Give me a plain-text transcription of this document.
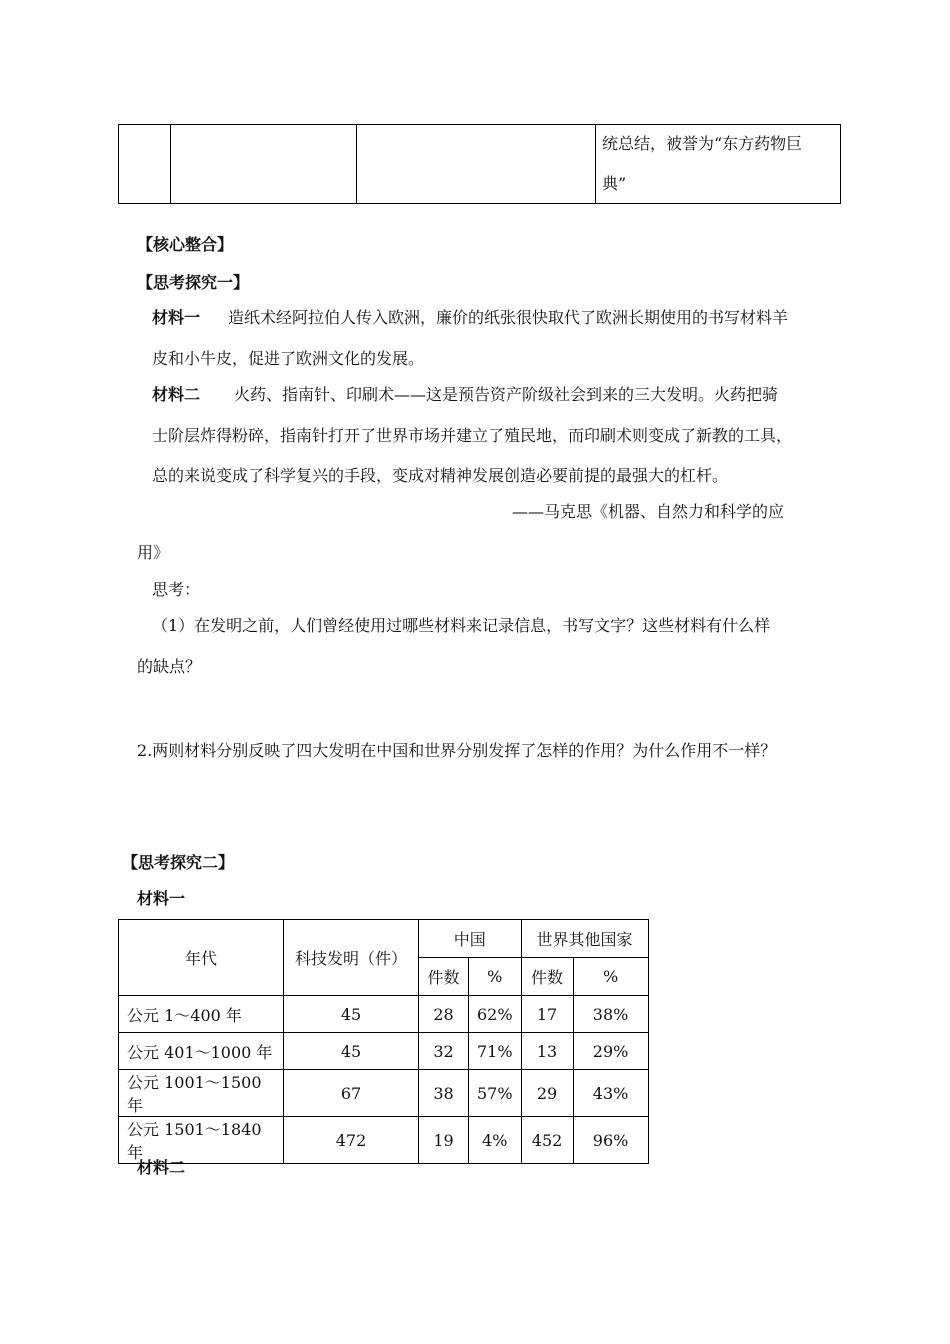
统总结，被誉为“东方药物巨
典”
【核心整合】
【思考探究一】
材料一 造纸术经阿拉伯人传入欧洲，廉价的纸张很快取代了欧洲长期使用的书写材料羊
皮和小牛皮，促进了欧洲文化的发展。
材料二 火药、指南针、印刷术——这是预告资产阶级社会到来的三大发明。火药把骑
士阶层炸得粉碎，指南针打开了世界市场并建立了殖民地，而印刷术则变成了新教的工具，
总的来说变成了科学复兴的手段，变成对精神发展创造必要前提的最强大的杠杆。
——马克思《机器、自然力和科学的应
用》
思考：
（1）在发明之前，人们曾经使用过哪些材料来记录信息，书写文字？这些材料有什么样
的缺点？
2.两则材料分别反映了四大发明在中国和世界分别发挥了怎样的作用？为什么作用不一样？
【思考探究二】
材料一
年代	科技发明（件）	中国		世界其他国家	
		件数	%	件数	%
公元 1～400 年	45	28	62%	17	38%
公元 401～1000 年	45	32	71%	13	29%
公元 1001～1500 年	67	38	57%	29	43%
公元 1501～1840 年	472	19	4%	452	96%
材料二
